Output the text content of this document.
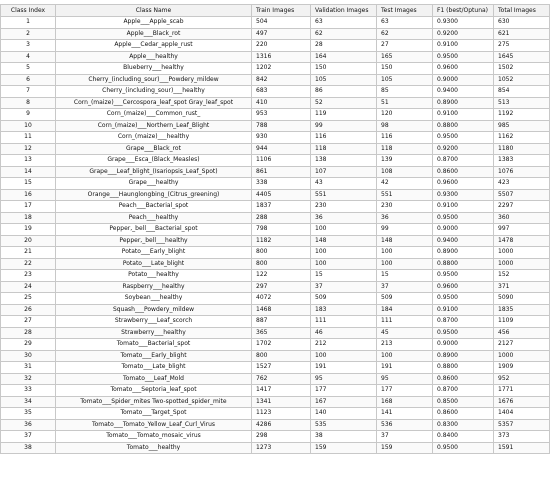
Class Index	Class Name	Train Images	Validation Images	Test Images	F1 (best/Optuna)	Total Images
1	Apple___Apple_scab	504	63	63	0.9300	630
2	Apple___Black_rot	497	62	62	0.9200	621
3	Apple___Cedar_apple_rust	220	28	27	0.9100	275
4	Apple___healthy	1316	164	165	0.9500	1645
5	Blueberry___healthy	1202	150	150	0.9600	1502
6	Cherry_(including_sour)___Powdery_mildew	842	105	105	0.9000	1052
7	Cherry_(including_sour)___healthy	683	86	85	0.9400	854
8	Corn_(maize)___Cercospora_leaf_spot Gray_leaf_spot	410	52	51	0.8900	513
9	Corn_(maize)___Common_rust_	953	119	120	0.9100	1192
10	Corn_(maize)___Northern_Leaf_Blight	788	99	98	0.8800	985
11	Corn_(maize)___healthy	930	116	116	0.9500	1162
12	Grape___Black_rot	944	118	118	0.9200	1180
13	Grape___Esca_(Black_Measles)	1106	138	139	0.8700	1383
14	Grape___Leaf_blight_(Isariopsis_Leaf_Spot)	861	107	108	0.8600	1076
15	Grape___healthy	338	43	42	0.9600	423
16	Orange___Haunglongbing_(Citrus_greening)	4405	551	551	0.9300	5507
17	Peach___Bacterial_spot	1837	230	230	0.9100	2297
18	Peach___healthy	288	36	36	0.9500	360
19	Pepper,_bell___Bacterial_spot	798	100	99	0.9000	997
20	Pepper,_bell___healthy	1182	148	148	0.9400	1478
21	Potato___Early_blight	800	100	100	0.8900	1000
22	Potato___Late_blight	800	100	100	0.8800	1000
23	Potato___healthy	122	15	15	0.9500	152
24	Raspberry___healthy	297	37	37	0.9600	371
25	Soybean___healthy	4072	509	509	0.9500	5090
26	Squash___Powdery_mildew	1468	183	184	0.9100	1835
27	Strawberry___Leaf_scorch	887	111	111	0.8700	1109
28	Strawberry___healthy	365	46	45	0.9500	456
29	Tomato___Bacterial_spot	1702	212	213	0.9000	2127
30	Tomato___Early_blight	800	100	100	0.8900	1000
31	Tomato___Late_blight	1527	191	191	0.8800	1909
32	Tomato___Leaf_Mold	762	95	95	0.8600	952
33	Tomato___Septoria_leaf_spot	1417	177	177	0.8700	1771
34	Tomato___Spider_mites Two-spotted_spider_mite	1341	167	168	0.8500	1676
35	Tomato___Target_Spot	1123	140	141	0.8600	1404
36	Tomato___Tomato_Yellow_Leaf_Curl_Virus	4286	535	536	0.8300	5357
37	Tomato___Tomato_mosaic_virus	298	38	37	0.8400	373
38	Tomato___healthy	1273	159	159	0.9500	1591
